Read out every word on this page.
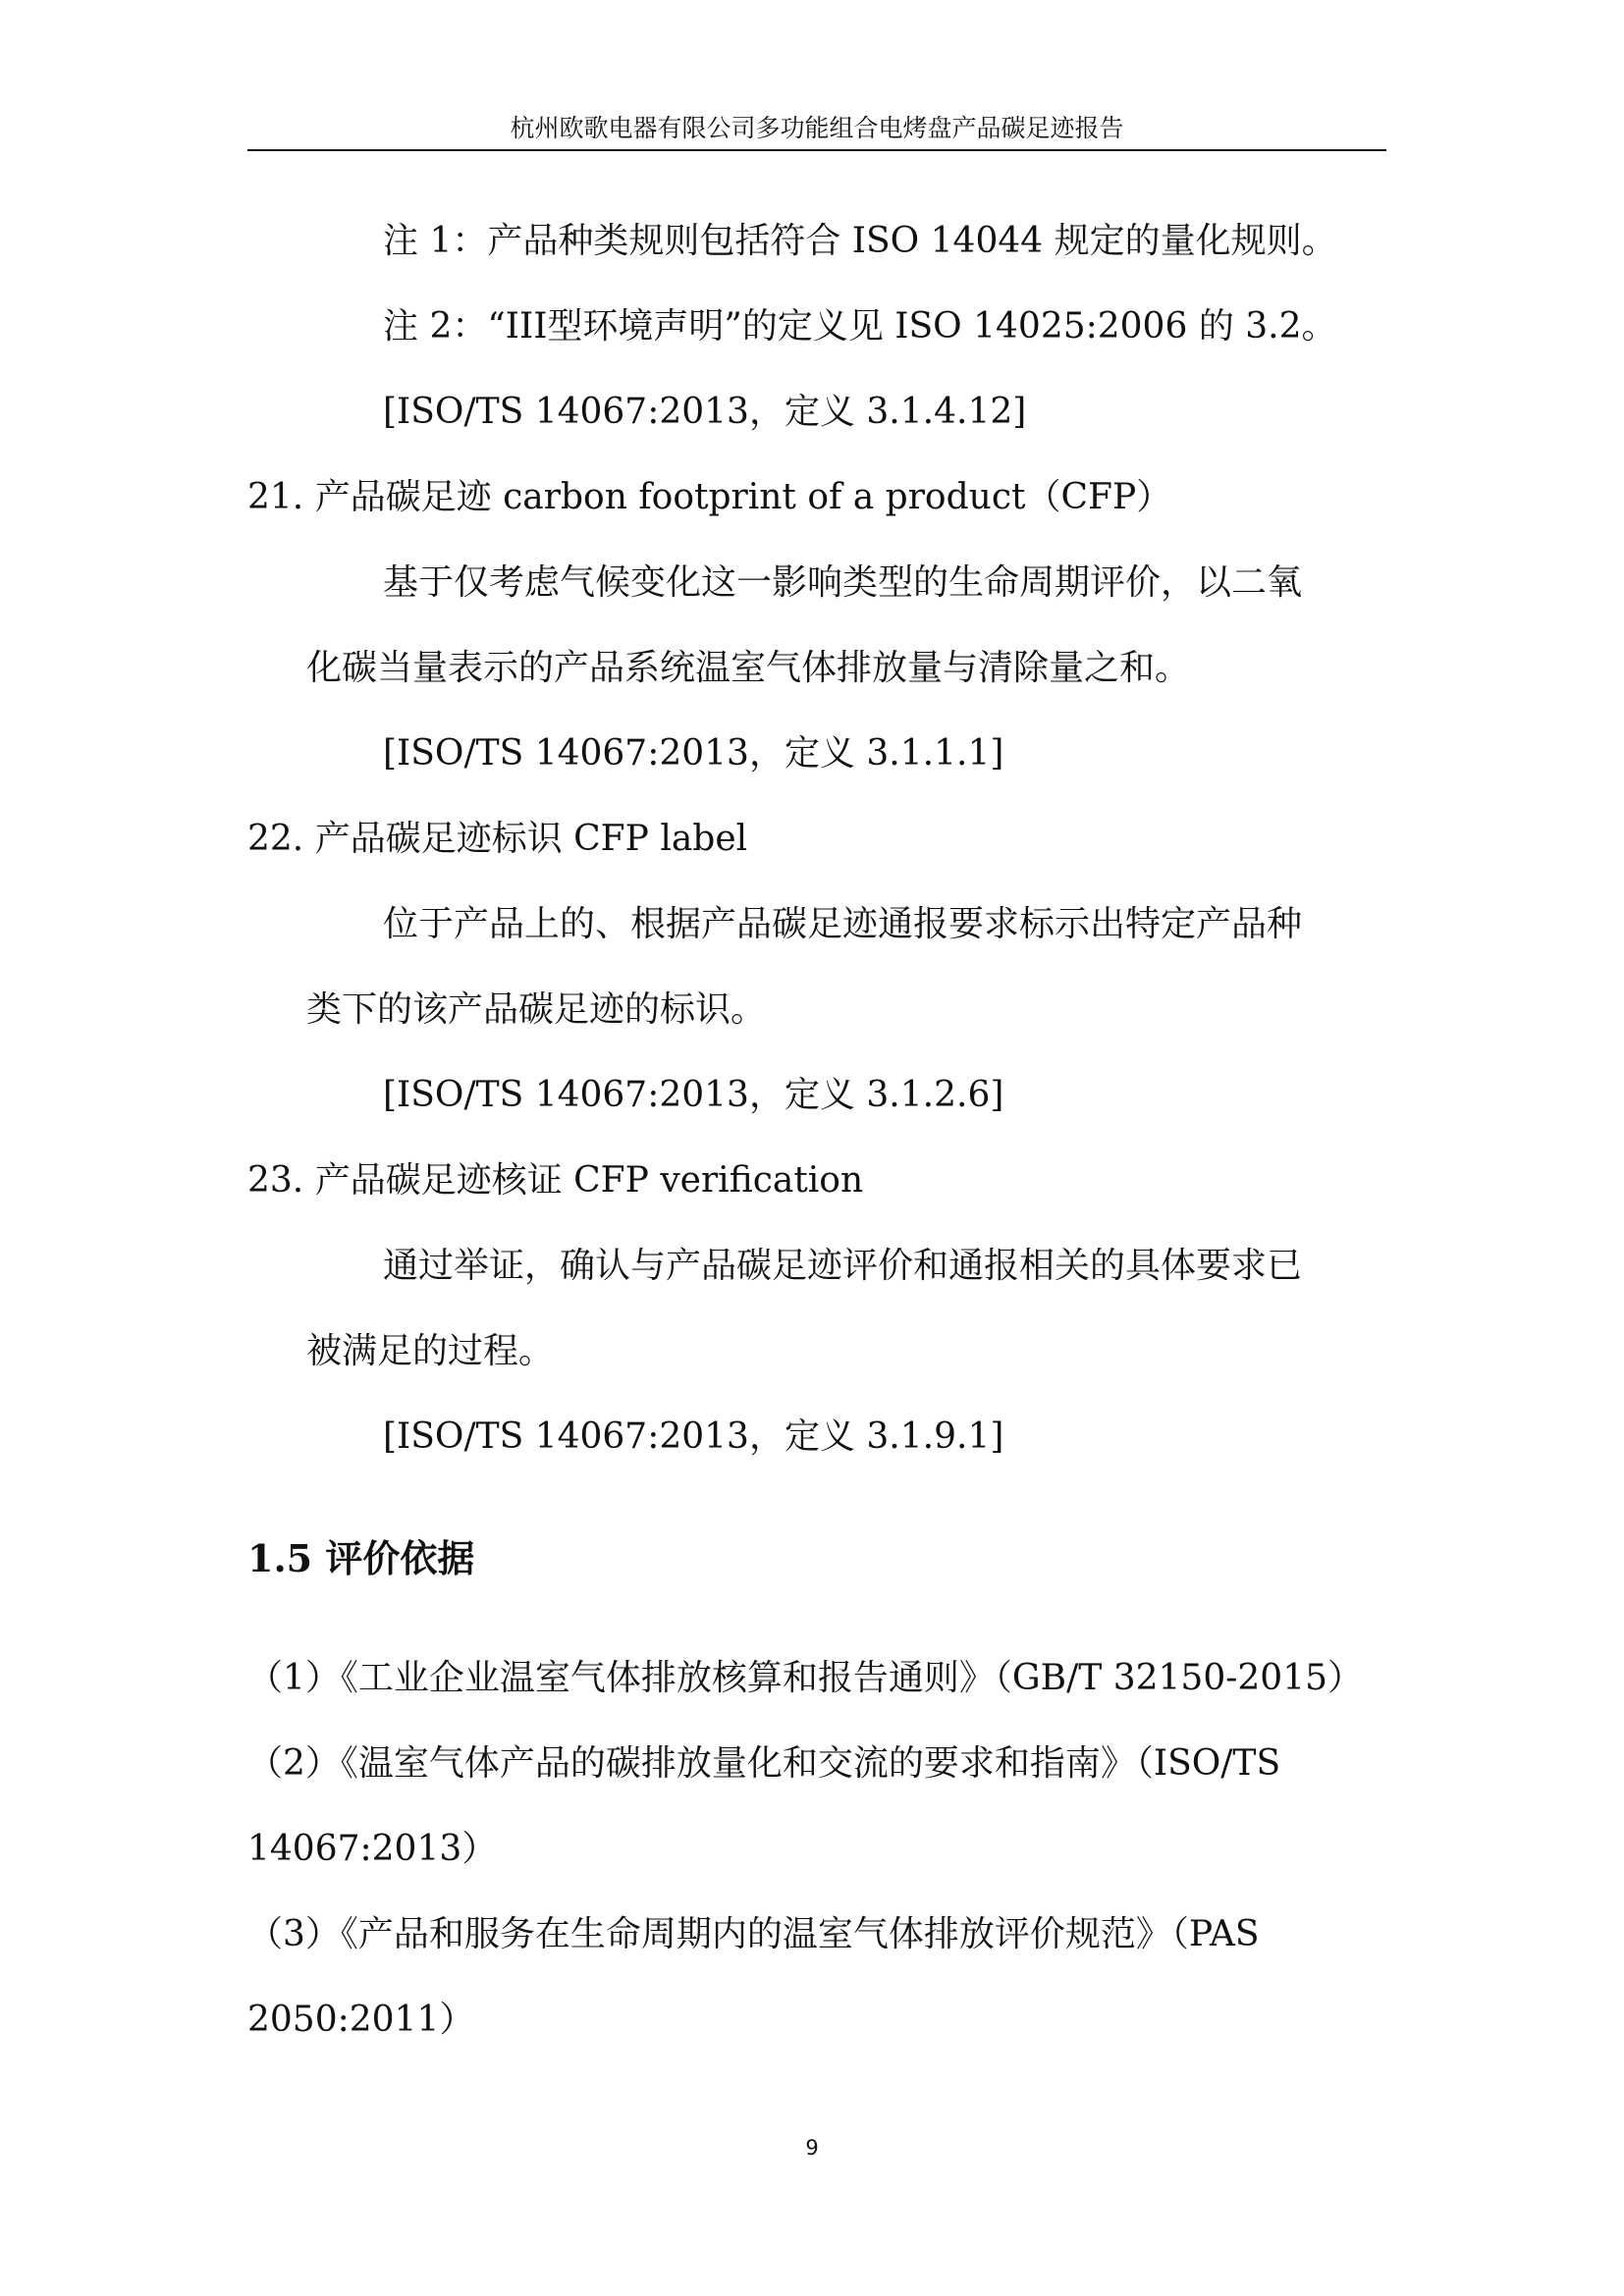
杭州欧歌电器有限公司多功能组合电烤盘产品碳足迹报告
注 1：产品种类规则包括符合 ISO 14044 规定的量化规则。
注 2：“III型环境声明”的定义见 ISO 14025:2006 的 3.2。
[ISO/TS 14067:2013，定义 3.1.4.12]
21. 产品碳足迹 carbon footprint of a product（CFP）
基于仅考虑气候变化这一影响类型的生命周期评价，以二氧
化碳当量表示的产品系统温室气体排放量与清除量之和。
[ISO/TS 14067:2013，定义 3.1.1.1]
22. 产品碳足迹标识 CFP label
位于产品上的、根据产品碳足迹通报要求标示出特定产品种
类下的该产品碳足迹的标识。
[ISO/TS 14067:2013，定义 3.1.2.6]
23. 产品碳足迹核证 CFP verification
通过举证，确认与产品碳足迹评价和通报相关的具体要求已
被满足的过程。
[ISO/TS 14067:2013，定义 3.1.9.1]
1.5 评价依据
（1）《工业企业温室气体排放核算和报告通则》（GB/T 32150-2015）
（2）《温室气体产品的碳排放量化和交流的要求和指南》（ISO/TS
14067:2013）
（3）《产品和服务在生命周期内的温室气体排放评价规范》（PAS
2050:2011）
9
